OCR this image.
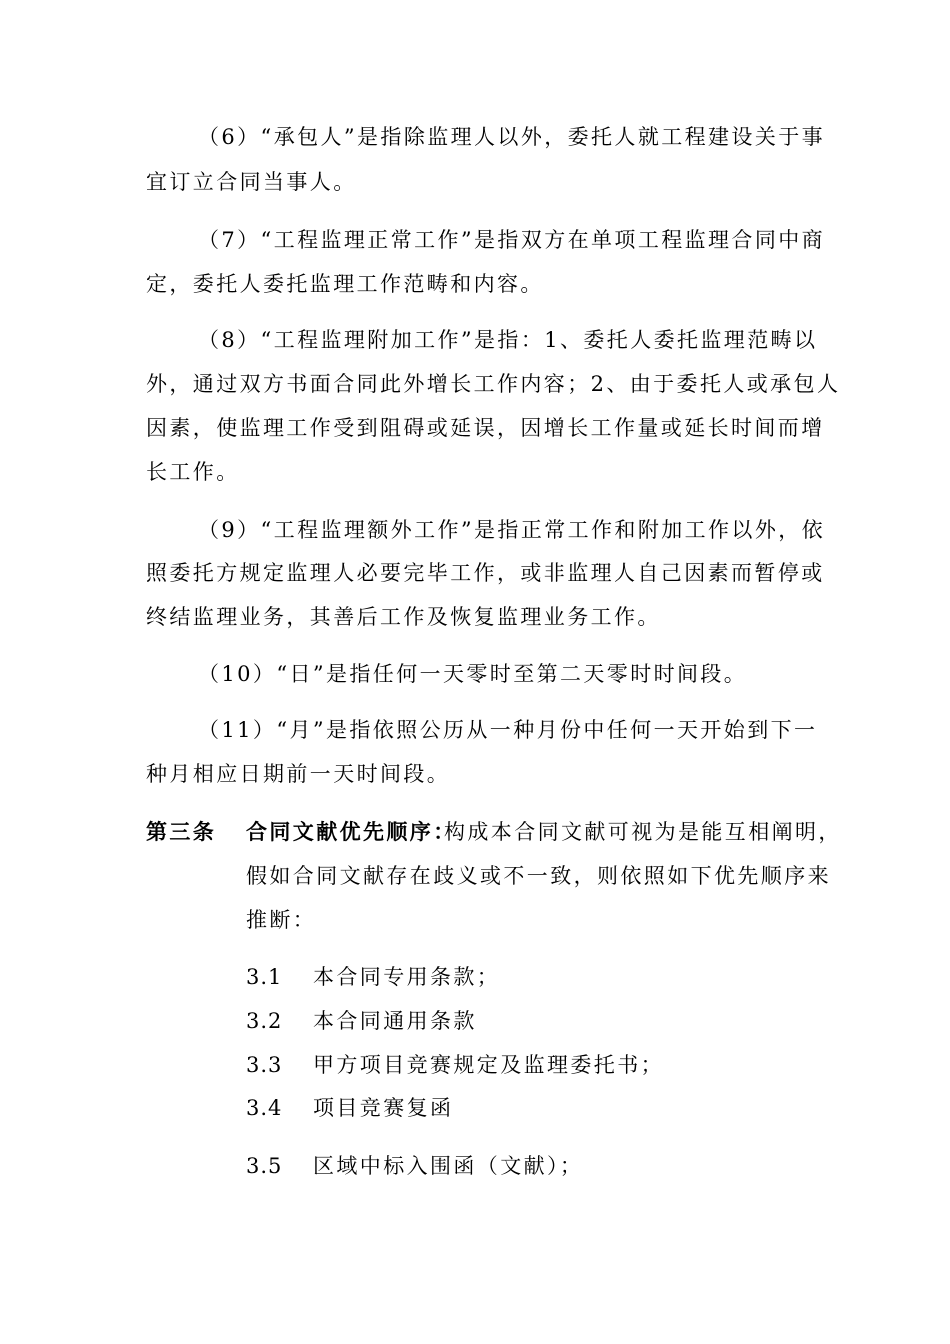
（6）“承包人”是指除监理人以外，委托人就工程建设关于事
宜订立合同当事人。
（7）“工程监理正常工作”是指双方在单项工程监理合同中商
定，委托人委托监理工作范畴和内容。
（8）“工程监理附加工作”是指：1、委托人委托监理范畴以
外，通过双方书面合同此外增长工作内容；2、由于委托人或承包人
因素，使监理工作受到阻碍或延误，因增长工作量或延长时间而增
长工作。
（9）“工程监理额外工作”是指正常工作和附加工作以外，依
照委托方规定监理人必要完毕工作，或非监理人自己因素而暂停或
终结监理业务，其善后工作及恢复监理业务工作。
（10）“日”是指任何一天零时至第二天零时时间段。
（11）“月”是指依照公历从一种月份中任何一天开始到下一
种月相应日期前一天时间段。
第三条 合同文献优先顺序：
构成本合同文献可视为是能互相阐明，
假如合同文献存在歧义或不一致，则依照如下优先顺序来
推断：
3.1 本合同专用条款；
3.2 本合同通用条款
3.3 甲方项目竞赛规定及监理委托书；
3.4 项目竞赛复函
3.5 区域中标入围函（文献）；
